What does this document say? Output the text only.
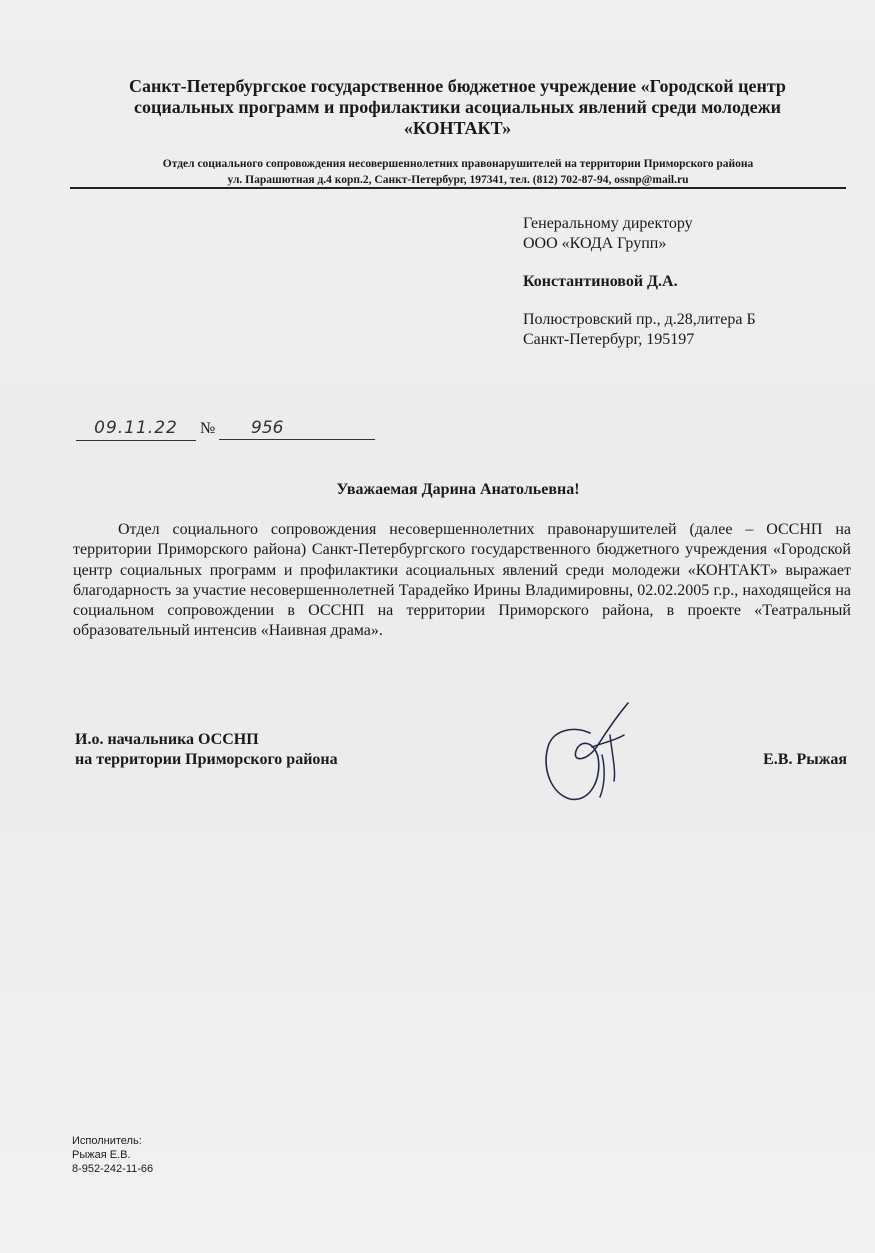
Санкт-Петербургское государственное бюджетное учреждение «Городской центр
социальных программ и профилактики асоциальных явлений среди молодежи
«КОНТАКТ»
Отдел социального сопровождения несовершеннолетних правонарушителей на территории Приморского района
ул. Парашютная д.4 корп.2, Санкт-Петербург, 197341, тел. (812) 702-87-94, ossnp@mail.ru
Генеральному директору
ООО «КОДА Групп»
Константиновой Д.А.
Полюстровский пр., д.28,литера Б
Санкт-Петербург, 195197
09.11.22	№	956
Уважаемая Дарина Анатольевна!

Отдел социального сопровождения несовершеннолетних правонарушителей (далее – ОССНП на территории Приморского района) Санкт-Петербургского государственного бюджетного учреждения «Городской центр социальных программ и профилактики асоциальных явлений среди молодежи «КОНТАКТ» выражает благодарность за участие несовершеннолетней Тарадейко Ирины Владимировны, 02.02.2005 г.р., находящейся на социальном сопровождении в ОССНП на территории Приморского района, в проекте «Театральный образовательный интенсив «Наивная драма».

И.о. начальника ОССНП
на территории Приморского района	Е.В. Рыжая
Исполнитель:
Рыжая Е.В.
8-952-242-11-66
